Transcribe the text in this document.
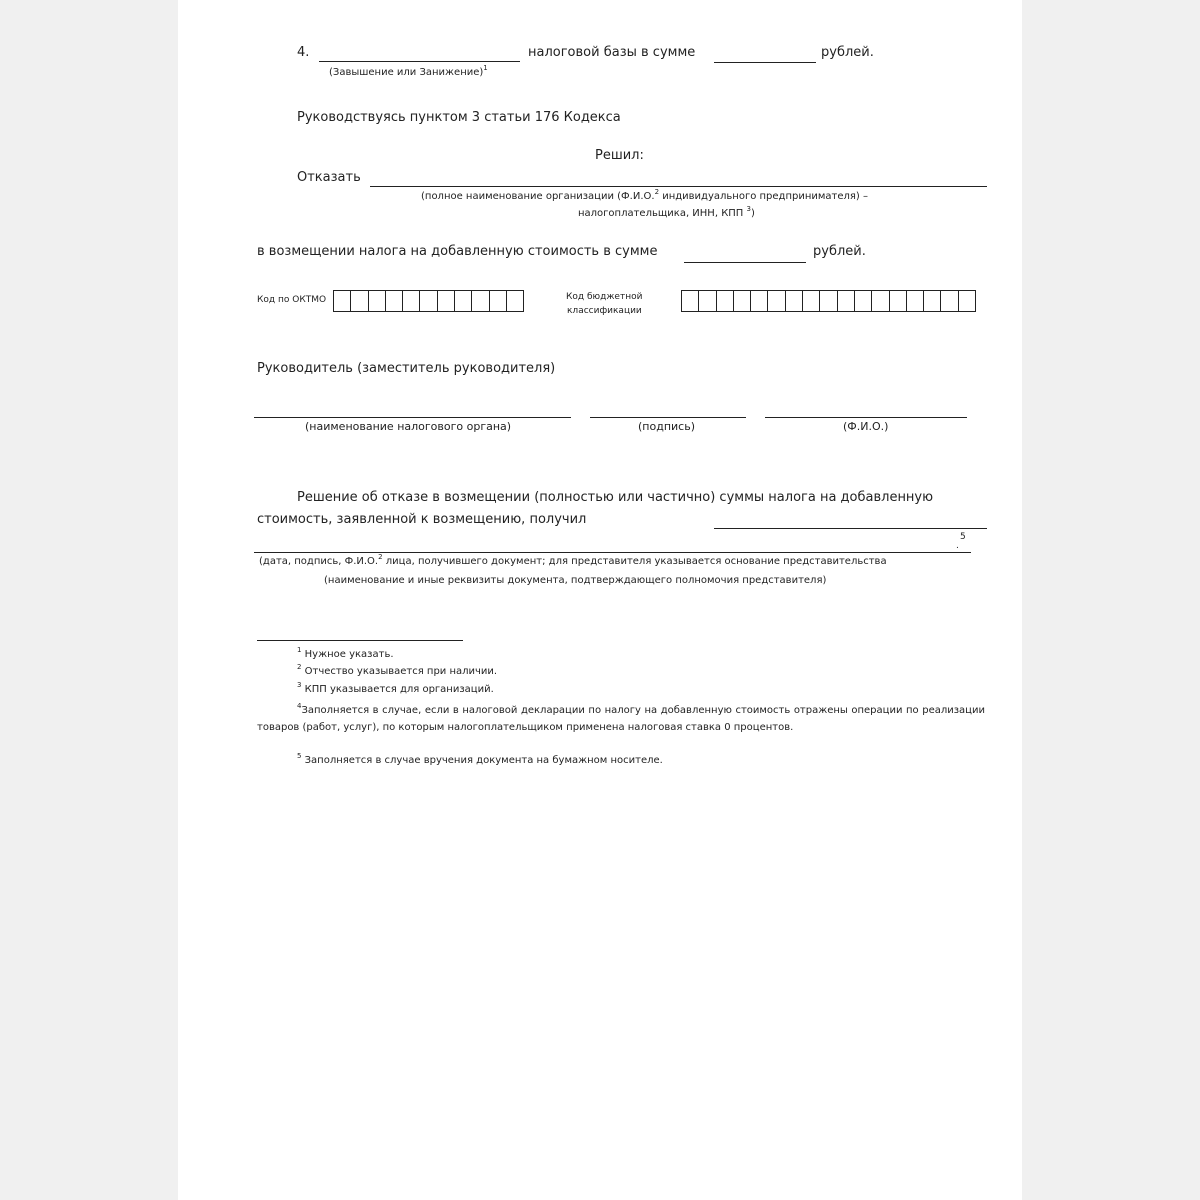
4.	налоговой базы в сумме	рублей.
(Завышение или Занижение)$^1$
Руководствуясь пунктом 3 статьи 176 Кодекса
Решил:
Отказать
(полное наименование организации (Ф.И.О.$^2$ индивидуального предпринимателя) –
налогоплательщика, ИНН, КПП $^3$)
в возмещении налога на добавленную стоимость в сумме	рублей.
Код по ОКТМО	Код бюджетной
классификации
Руководитель (заместитель руководителя)
(наименование налогового органа)	(подпись)	(Ф.И.О.)
Решение об отказе в возмещении (полностью или частично) суммы налога на добавленную
стоимость, заявленной к возмещению, получил
5
.
(дата, подпись, Ф.И.О.$^2$ лица, получившего документ; для представителя указывается основание представительства
(наименование и иные реквизиты документа, подтверждающего полномочия представителя)
$^1$ Нужное указать.
$^2$ Отчество указывается при наличии.
$^3$ КПП указывается для организаций.
$^4$Заполняется в случае, если в налоговой декларации по налогу на добавленную стоимость отражены операции по реализации товаров (работ, услуг), по которым налогоплательщиком применена налоговая ставка 0 процентов.
$^5$ Заполняется в случае вручения документа на бумажном носителе.
